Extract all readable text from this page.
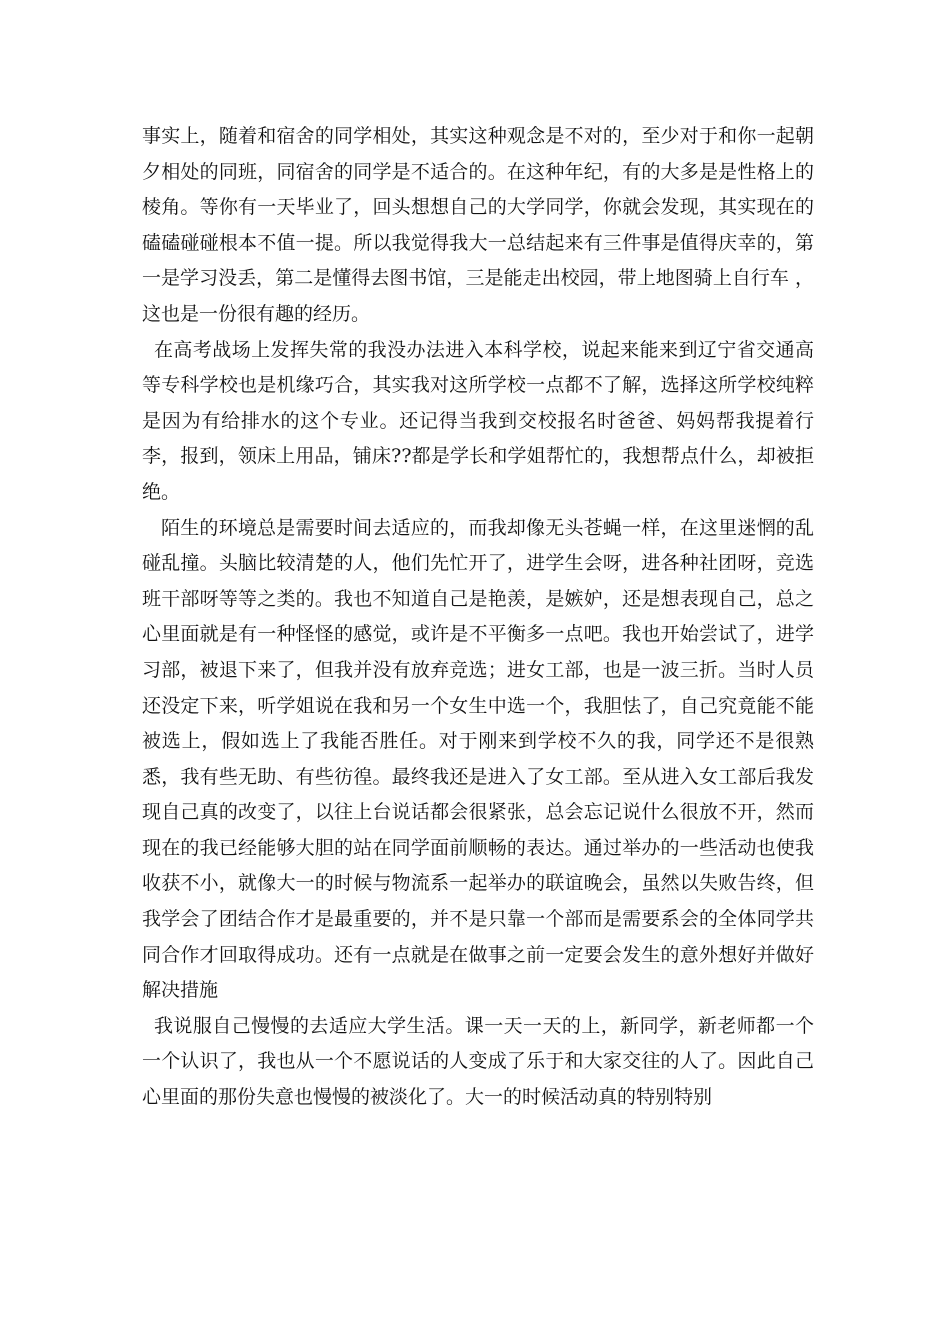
事实上，随着和宿舍的同学相处，其实这种观念是不对的，至少对于和你一起朝夕相处的同班，同宿舍的同学是不适合的。在这种年纪，有的大多是是性格上的棱角。等你有一天毕业了，回头想想自己的大学同学，你就会发现，其实现在的磕磕碰碰根本不值一提。所以我觉得我大一总结起来有三件事是值得庆幸的，第一是学习没丢，第二是懂得去图书馆，三是能走出校园，带上地图骑上自行车 ，这也是一份很有趣的经历。

在高考战场上发挥失常的我没办法进入本科学校，说起来能来到辽宁省交通高等专科学校也是机缘巧合，其实我对这所学校一点都不了解，选择这所学校纯粹是因为有给排水的这个专业。还记得当我到交校报名时爸爸、妈妈帮我提着行李，报到，领床上用品，铺床??都是学长和学姐帮忙的，我想帮点什么，却被拒绝。

陌生的环境总是需要时间去适应的，而我却像无头苍蝇一样，在这里迷惘的乱碰乱撞。头脑比较清楚的人，他们先忙开了，进学生会呀，进各种社团呀，竞选班干部呀等等之类的。我也不知道自己是艳羡，是嫉妒，还是想表现自己，总之心里面就是有一种怪怪的感觉，或许是不平衡多一点吧。我也开始尝试了，进学习部，被退下来了，但我并没有放弃竞选；进女工部，也是一波三折。当时人员还没定下来，听学姐说在我和另一个女生中选一个，我胆怯了，自己究竟能不能被选上，假如选上了我能否胜任。对于刚来到学校不久的我，同学还不是很熟悉，我有些无助、有些彷徨。最终我还是进入了女工部。至从进入女工部后我发现自己真的改变了，以往上台说话都会很紧张，总会忘记说什么很放不开，然而现在的我已经能够大胆的站在同学面前顺畅的表达。通过举办的一些活动也使我收获不小，就像大一的时候与物流系一起举办的联谊晚会，虽然以失败告终，但我学会了团结合作才是最重要的，并不是只靠一个部而是需要系会的全体同学共同合作才回取得成功。还有一点就是在做事之前一定要会发生的意外想好并做好解决措施

我说服自己慢慢的去适应大学生活。课一天一天的上，新同学，新老师都一个一个认识了，我也从一个不愿说话的人变成了乐于和大家交往的人了。因此自己心里面的那份失意也慢慢的被淡化了。大一的时候活动真的特别特别
